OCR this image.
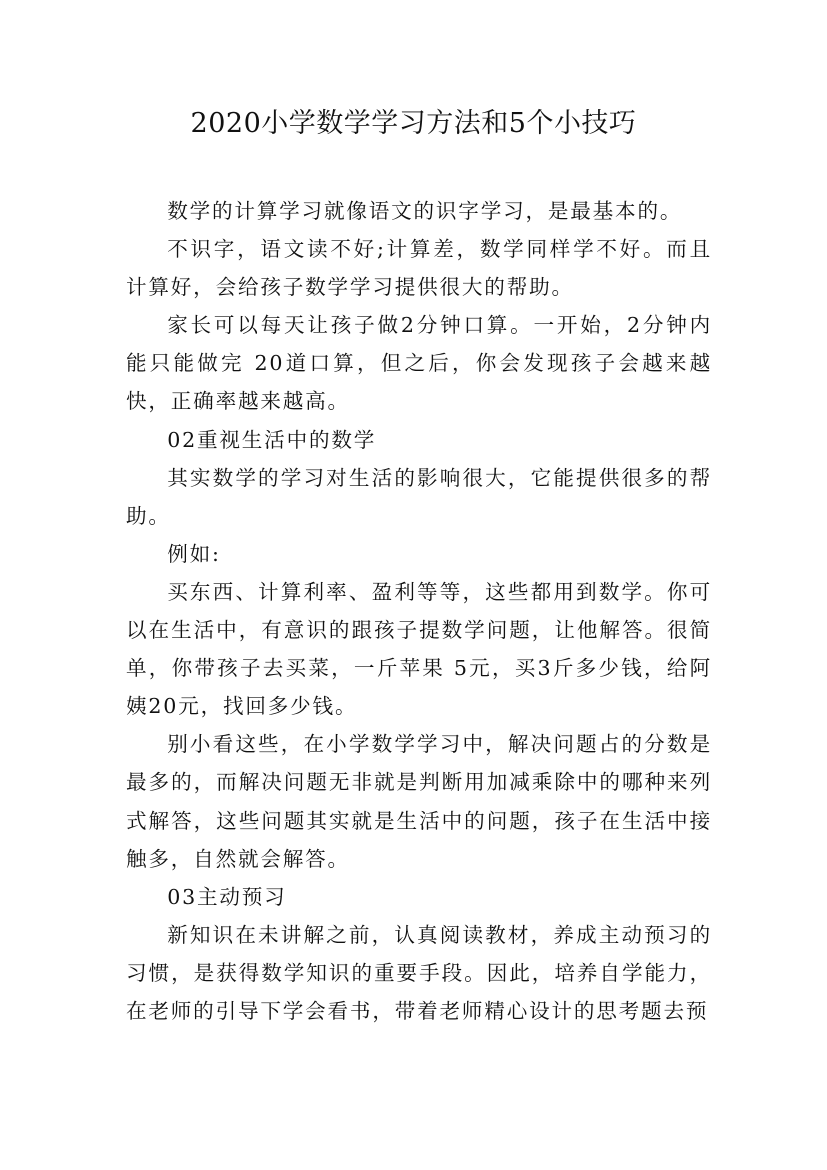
2020小学数学学习方法和5个小技巧

数学的计算学习就像语文的识字学习，是最基本的。

不识字，语文读不好;计算差，数学同样学不好。而且计算好，会给孩子数学学习提供很大的帮助。

家长可以每天让孩子做2分钟口算。一开始，2分钟内能只能做完 20道口算，但之后，你会发现孩子会越来越快，正确率越来越高。

02重视生活中的数学

其实数学的学习对生活的影响很大，它能提供很多的帮助。

例如:

买东西、计算利率、盈利等等，这些都用到数学。你可以在生活中，有意识的跟孩子提数学问题，让他解答。很简单，你带孩子去买菜，一斤苹果 5元，买3斤多少钱，给阿姨20元，找回多少钱。

别小看这些，在小学数学学习中，解决问题占的分数是最多的，而解决问题无非就是判断用加减乘除中的哪种来列式解答，这些问题其实就是生活中的问题，孩子在生活中接触多，自然就会解答。

03主动预习

新知识在未讲解之前，认真阅读教材，养成主动预习的习惯，是获得数学知识的重要手段。因此，培养自学能力，在老师的引导下学会看书，带着老师精心设计的思考题去预
